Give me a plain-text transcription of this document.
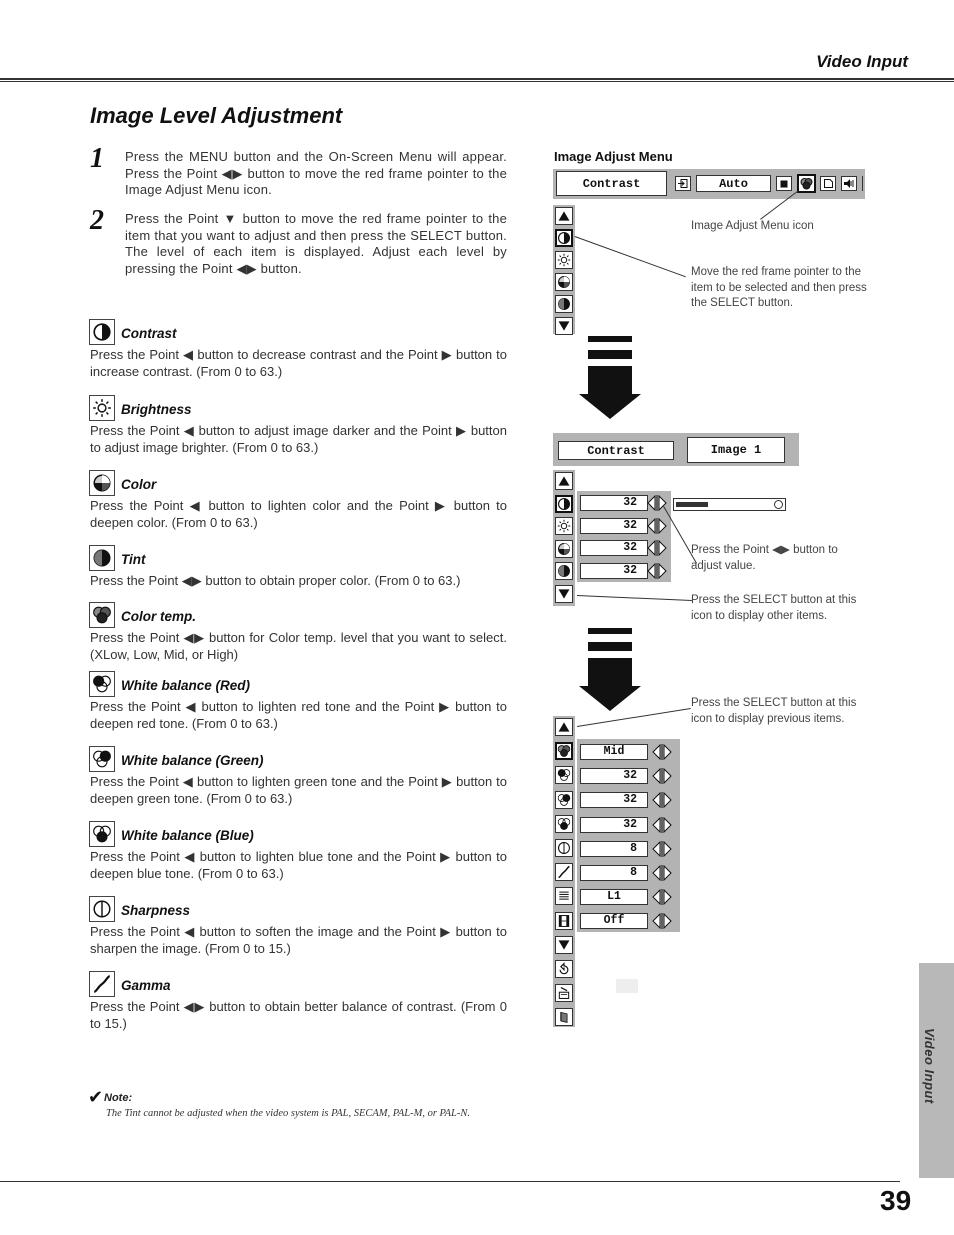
Video Input
Image Level Adjustment
1 Press the MENU button and the On-Screen Menu will appear. Press the Point ◀▶ button to move the red frame pointer to the Image Adjust Menu icon.
2 Press the Point ▼ button to move the red frame pointer to the item that you want to adjust and then press the SELECT button. The level of each item is displayed. Adjust each level by pressing the Point ◀▶ button.
Contrast
Press the Point ◀ button to decrease contrast and the Point ▶ button to increase contrast. (From 0 to 63.)
Brightness
Press the Point ◀ button to adjust image darker and the Point ▶ button to adjust image brighter. (From 0 to 63.)
Color
Press the Point ◀ button to lighten color and the Point ▶ button to deepen color. (From 0 to 63.)
Tint
Press the Point ◀▶ button to obtain proper color. (From 0 to 63.)
Color temp.
Press the Point ◀▶ button for Color temp. level that you want to select. (XLow, Low, Mid, or High)
White balance (Red)
Press the Point ◀ button to lighten red tone and the Point ▶ button to deepen red tone. (From 0 to 63.)
White balance (Green)
Press the Point ◀ button to lighten green tone and the Point ▶ button to deepen green tone. (From 0 to 63.)
White balance (Blue)
Press the Point ◀ button to lighten blue tone and the Point ▶ button to deepen blue tone. (From 0 to 63.)
Sharpness
Press the Point ◀ button to soften the image and the Point ▶ button to sharpen the image. (From 0 to 15.)
Gamma
Press the Point ◀▶ button to obtain better balance of contrast. (From 0 to 15.)
✔ Note:
The Tint cannot be adjusted when the video system is PAL, SECAM, PAL-M, or PAL-N.
Video Input
39
Image Adjust Menu
Contrast	Auto
Image Adjust Menu icon
Move the red frame pointer to the item to be selected and then press the SELECT button.
Contrast	Image 1
32
32
32
32
Press the Point ◀▶ button to adjust value.
Press the SELECT button at this icon to display other items.
Mid
32
32
32
8
8
L1
Off
Press the SELECT button at this icon to display previous items.
